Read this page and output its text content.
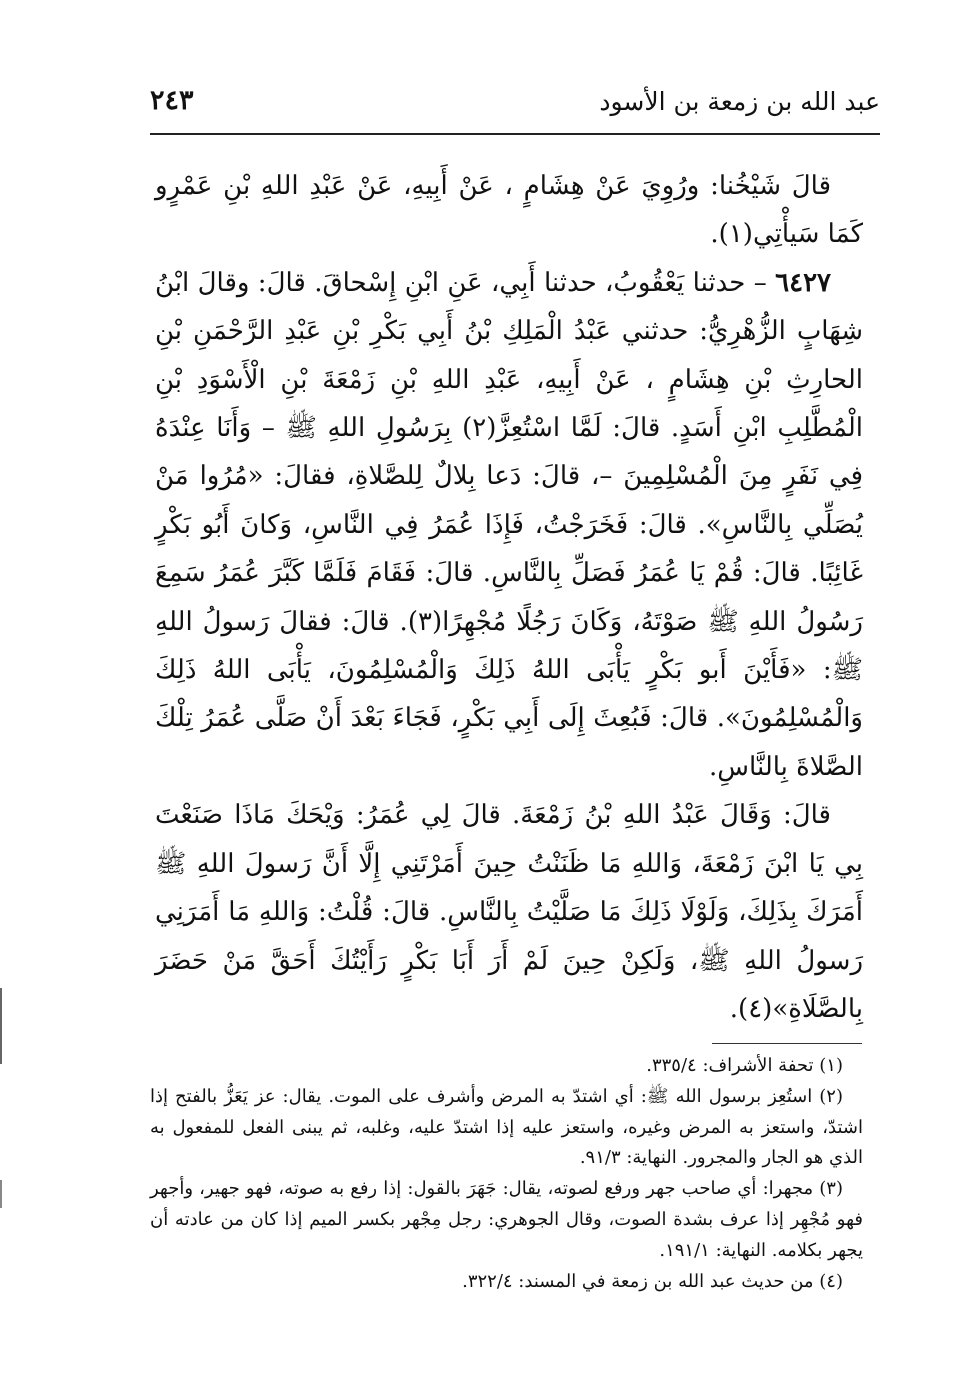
عبد الله بن زمعة بن الأسود
٢٤٣

قالَ شَيْخُنا: ورُوِيَ عَنْ هِشَامٍ ، عَنْ أَبِيهِ، عَنْ عَبْدِ اللهِ بْنِ عَمْرٍو كَمَا سَيأْتِي(١).

٦٤٢٧ – حدثنا يَعْقُوبُ، حدثنا أَبِي، عَنِ ابْنِ إِسْحاقَ. قالَ: وقالَ ابْنُ شِهَابٍ الزُّهْرِيُّ: حدثني عَبْدُ الْمَلِكِ بْنُ أَبِي بَكْرِ بْنِ عَبْدِ الرَّحْمَنِ بْنِ الحارِثِ بْنِ هِشَامٍ ، عَنْ أَبِيهِ، عَبْدِ اللهِ بْنِ زَمْعَةَ بْنِ الْأَسْوَدِ بْنِ الْمُطَّلِبِ ابْنِ أَسَدٍ. قالَ: لَمَّا اسْتُعِزَّ(٢) بِرَسُولِ اللهِ ﷺ – وَأَنَا عِنْدَهُ فِي نَفَرٍ مِنَ الْمُسْلِمِينَ –، قالَ: دَعا بِلالٌ لِلصَّلاةِ، فقالَ: «مُرُوا مَنْ يُصَلِّي بِالنَّاسِ». قالَ: فَخَرَجْتُ، فَإِذَا عُمَرُ فِي النَّاسِ، وَكانَ أَبُو بَكْرٍ غَائِبًا. قالَ: قُمْ يَا عُمَرُ فَصَلِّ بِالنَّاسِ. قالَ: فَقَامَ فَلَمَّا كَبَّرَ عُمَرُ سَمِعَ رَسُولُ اللهِ ﷺ صَوْتَهُ، وَكَانَ رَجُلًا مُجْهِرًا(٣). قالَ: فقالَ رَسولُ اللهِ ﷺ: «فَأَيْنَ أَبو بَكْرٍ يَأْبَى اللهُ ذَلِكَ وَالْمُسْلِمُونَ، يَأْبَى اللهُ ذَلِكَ وَالْمُسْلِمُونَ». قالَ: فَبُعِثَ إِلَى أَبِي بَكْرٍ، فَجَاءَ بَعْدَ أَنْ صَلَّى عُمَرُ تِلْكَ الصَّلاةَ بِالنَّاسِ.

قالَ: وَقَالَ عَبْدُ اللهِ بْنُ زَمْعَةَ. قالَ لِي عُمَرُ: وَيْحَكَ مَاذَا صَنَعْتَ بِي يَا ابْنَ زَمْعَةَ، وَاللهِ مَا ظَنَنْتُ حِينَ أَمَرْتَنِي إِلَّا أَنَّ رَسولَ اللهِ ﷺ أَمَرَكَ بِذَلِكَ، وَلَوْلَا ذَلِكَ مَا صَلَّيْتُ بِالنَّاسِ. قالَ: قُلْتُ: وَاللهِ مَا أَمَرَنِي رَسولُ اللهِ ﷺ، وَلَكِنْ حِينَ لَمْ أَرَ أَبَا بَكْرٍ رَأَيْتُكَ أَحَقَّ مَنْ حَضَرَ بِالصَّلَاةِ»(٤).

(١) تحفة الأشراف: ٣٣٥/٤.

(٢) استُعِز برسول الله ﷺ: أي اشتدّ به المرض وأشرف على الموت. يقال: عز يَعَزُّ بالفتح إذا اشتدّ، واستعز به المرض وغيره، واستعز عليه إذا اشتدّ عليه، وغلبه، ثم يبنى الفعل للمفعول به الذي هو الجار والمجرور. النهاية: ٩١/٣.

(٣) مجهرا: أي صاحب جهر ورفع لصوته، يقال: جَهَرَ بالقول: إذا رفع به صوته، فهو جهير، وأجهر فهو مُجْهِر إذا عرف بشدة الصوت، وقال الجوهري: رجل مِجْهر بكسر الميم إذا كان من عادته أن يجهر بكلامه. النهاية: ١٩١/١.

(٤) من حديث عبد الله بن زمعة في المسند: ٣٢٢/٤.
